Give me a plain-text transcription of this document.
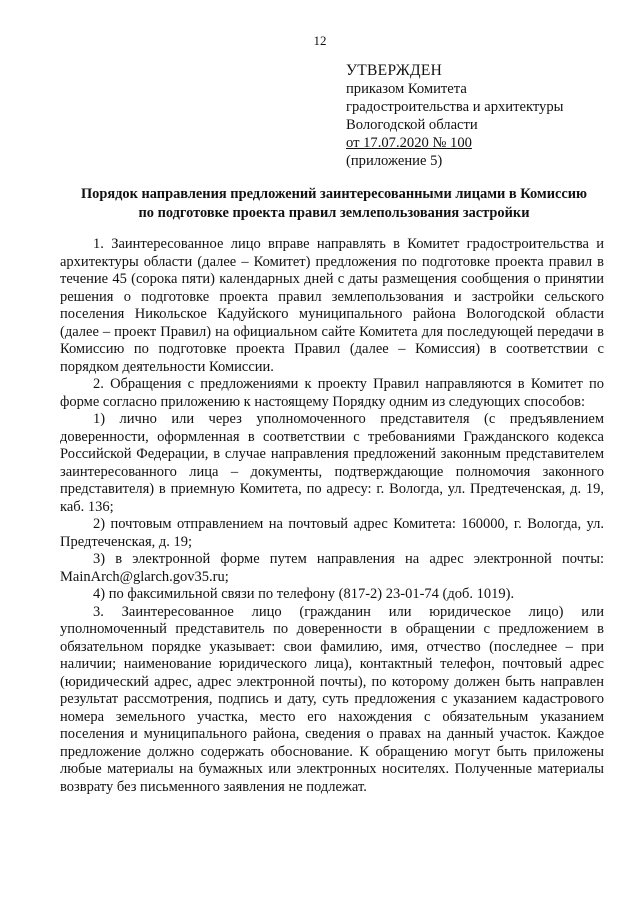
12
УТВЕРЖДЕН
приказом Комитета
градостроительства и архитектуры
Вологодской области
от 17.07.2020 № 100
(приложение 5)
Порядок направления предложений заинтересованными лицами в Комиссию
по подготовке проекта правил землепользования застройки
1. Заинтересованное лицо вправе направлять в Комитет градостроительства и архитектуры области (далее – Комитет) предложения по подготовке проекта правил в течение 45 (сорока пяти) календарных дней с даты размещения сообщения о принятии решения о подготовке проекта правил землепользования и застройки сельского поселения Никольское Кадуйского муниципального района Вологодской области (далее – проект Правил) на официальном сайте Комитета для последующей передачи в Комиссию по подготовке проекта Правил (далее – Комиссия) в соответствии с порядком деятельности Комиссии.
2. Обращения с предложениями к проекту Правил направляются в Комитет по форме согласно приложению к настоящему Порядку одним из следующих способов:
1) лично или через уполномоченного представителя (с предъявлением доверенности, оформленная в соответствии с требованиями Гражданского кодекса Российской Федерации, в случае направления предложений законным представителем заинтересованного лица – документы, подтверждающие полномочия законного представителя) в приемную Комитета, по адресу: г. Вологда, ул. Предтеченская, д. 19, каб. 136;
2) почтовым отправлением на почтовый адрес Комитета: 160000, г. Вологда, ул. Предтеченская, д. 19;
3) в электронной форме путем направления на адрес электронной почты: MainArch@glarch.gov35.ru;
4) по факсимильной связи по телефону (817-2) 23-01-74 (доб. 1019).
3. Заинтересованное лицо (гражданин или юридическое лицо) или уполномоченный представитель по доверенности в обращении с предложением в обязательном порядке указывает: свои фамилию, имя, отчество (последнее – при наличии; наименование юридического лица), контактный телефон, почтовый адрес (юридический адрес, адрес электронной почты), по которому должен быть направлен результат рассмотрения, подпись и дату, суть предложения с указанием кадастрового номера земельного участка, место его нахождения с обязательным указанием поселения и муниципального района, сведения о правах на данный участок. Каждое предложение должно содержать обоснование. К обращению могут быть приложены любые материалы на бумажных или электронных носителях. Полученные материалы возврату без письменного заявления не подлежат.
